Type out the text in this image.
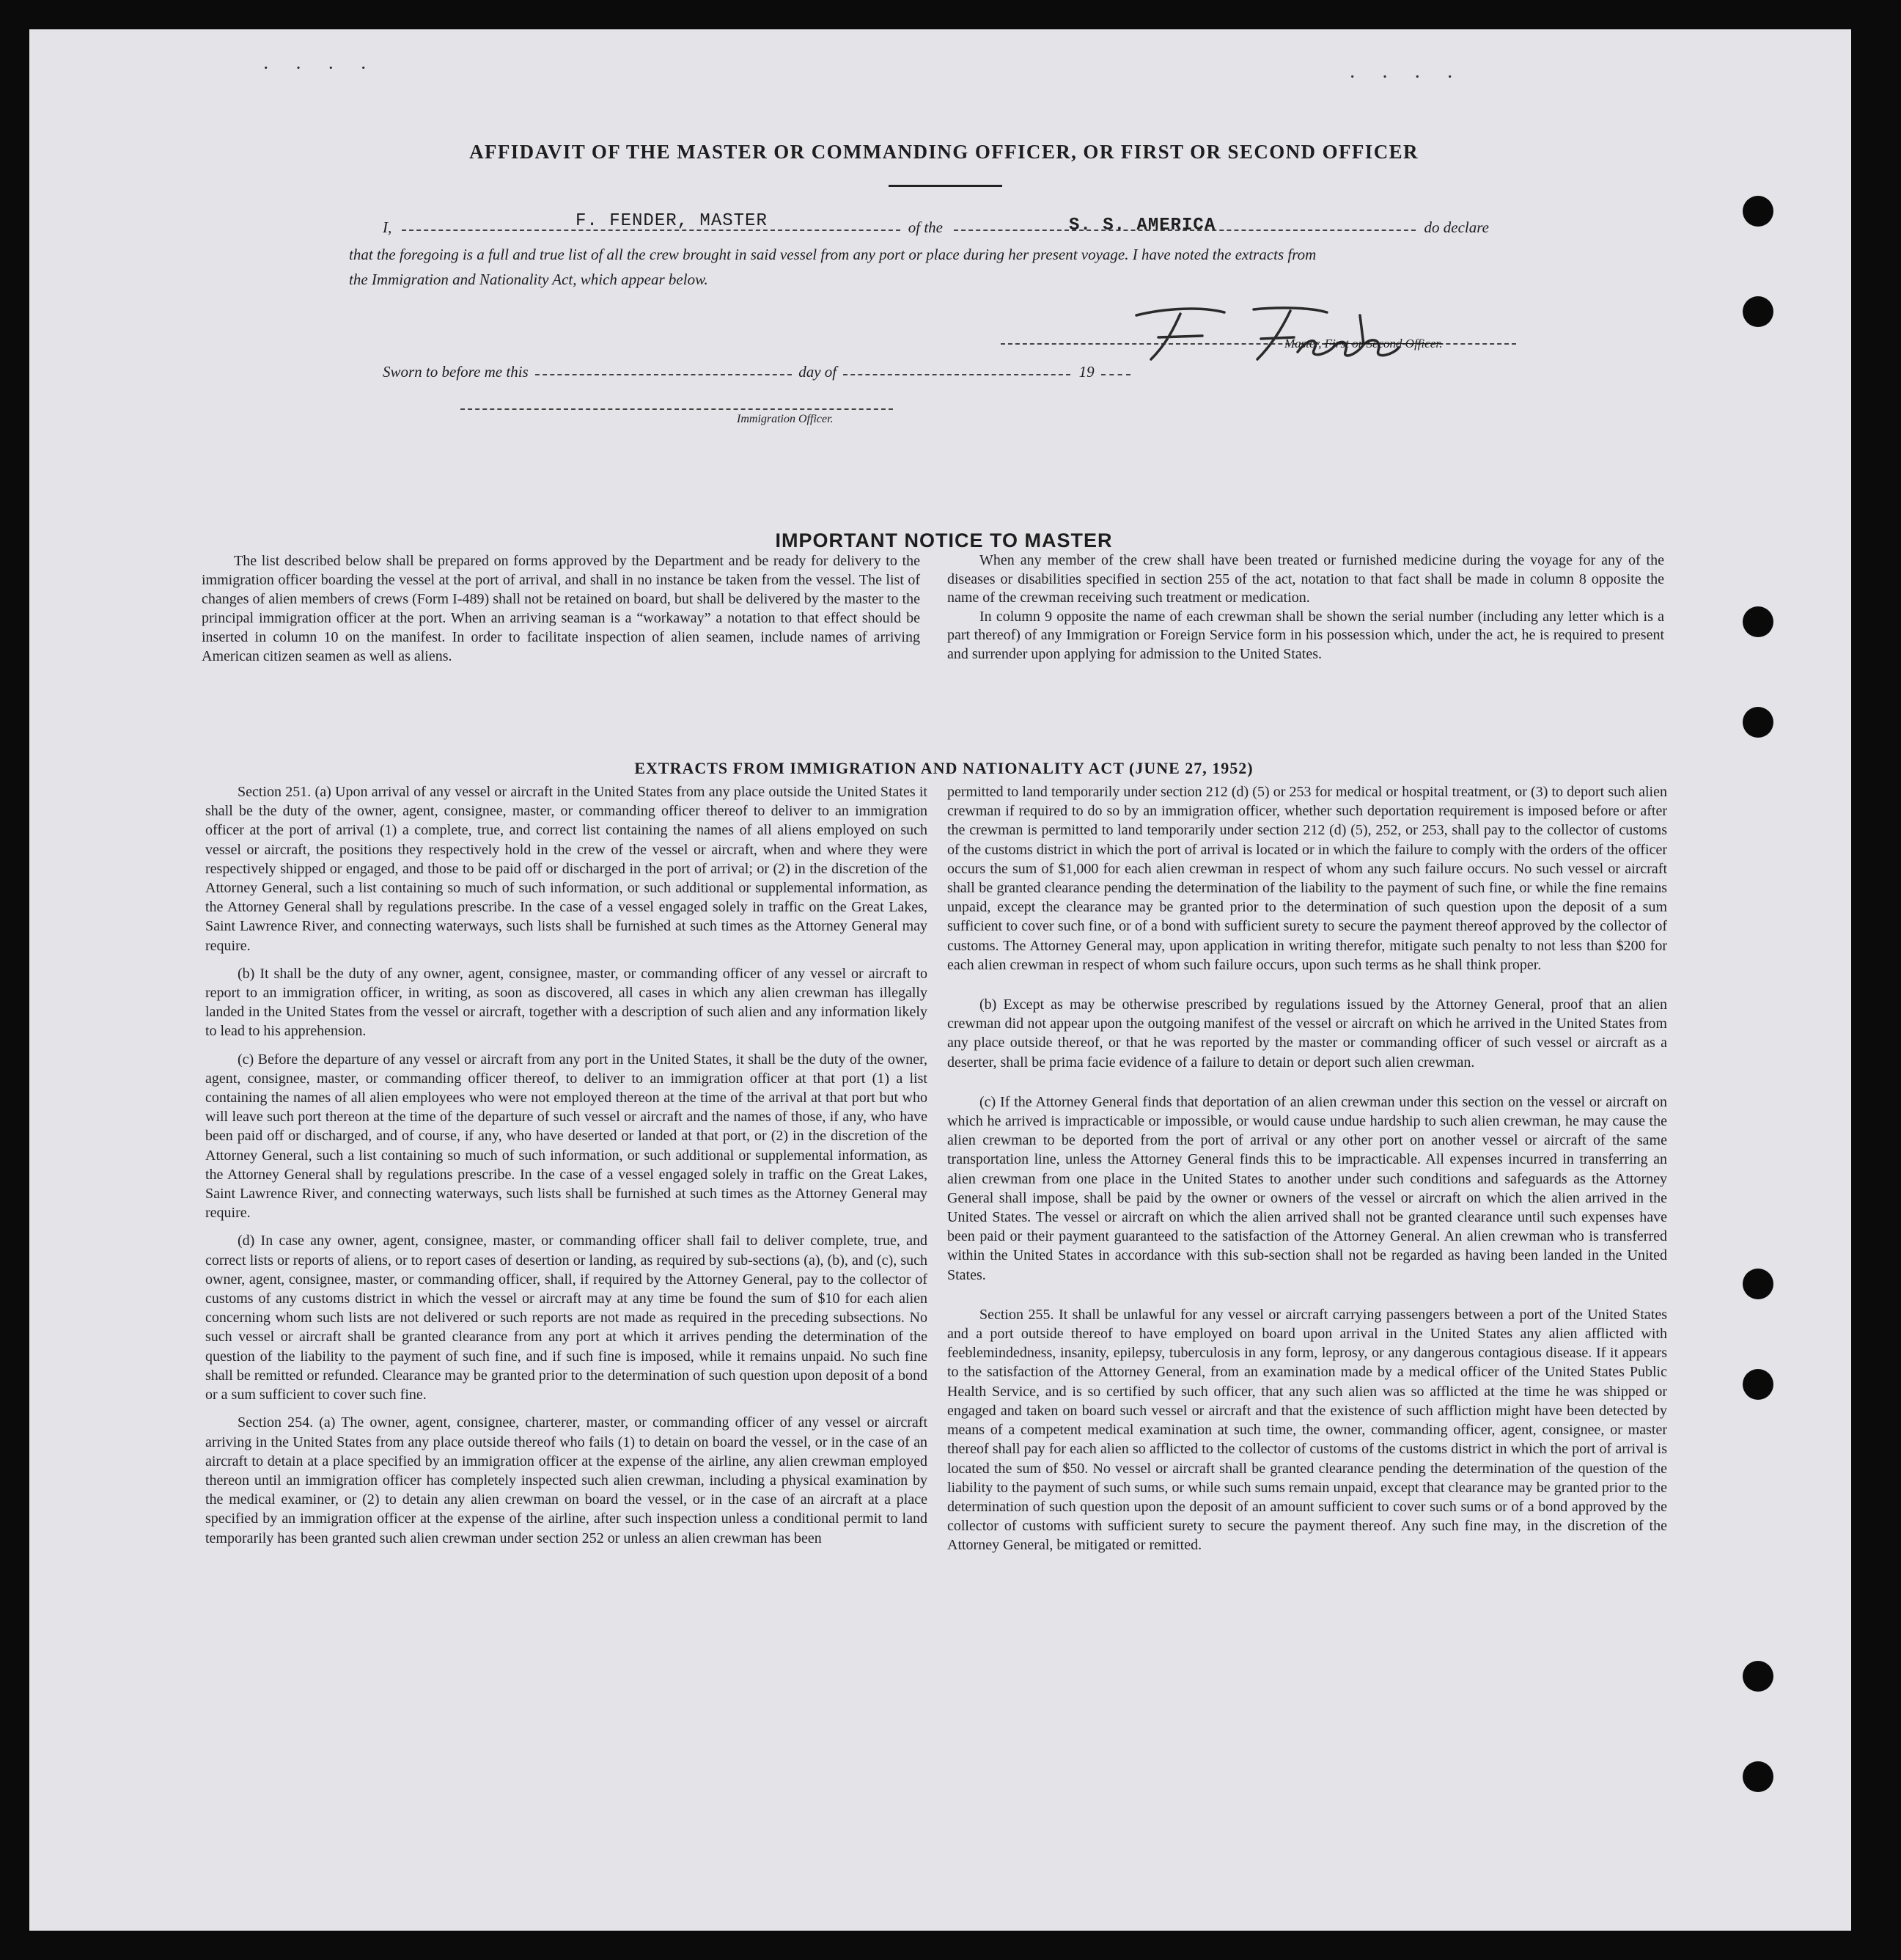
· · · ·	· · · ·
AFFIDAVIT OF THE MASTER OR COMMANDING OFFICER, OR FIRST OR SECOND OFFICER
I,	of the	do declare
F. FENDER, MASTER	S. S. AMERICA
that the foregoing is a full and true list of all the crew brought in said vessel from any port or place during her present voyage. I have noted the extracts from
the Immigration and Nationality Act, which appear below.
Master, First or Second Officer.
Sworn to before me this	day of	19
Immigration Officer.
IMPORTANT NOTICE TO MASTER

The list described below shall be prepared on forms approved by the Department and be ready for delivery to the immigration officer boarding the vessel at the port of arrival, and shall in no instance be taken from the vessel. The list of changes of alien members of crews (Form I-489) shall not be retained on board, but shall be delivered by the master to the principal immigration officer at the port. When an arriving seaman is a “workaway” a notation to that effect should be inserted in column 10 on the manifest. In order to facilitate inspection of alien seamen, include names of arriving American citizen seamen as well as aliens.

When any member of the crew shall have been treated or furnished medicine during the voyage for any of the diseases or disabilities specified in section 255 of the act, notation to that fact shall be made in column 8 opposite the name of the crewman receiving such treatment or medication.

In column 9 opposite the name of each crewman shall be shown the serial number (including any letter which is a part thereof) of any Immigration or Foreign Service form in his possession which, under the act, he is required to present and surrender upon applying for admission to the United States.

EXTRACTS FROM IMMIGRATION AND NATIONALITY ACT (JUNE 27, 1952)

Section 251. (a) Upon arrival of any vessel or aircraft in the United States from any place outside the United States it shall be the duty of the owner, agent, consignee, master, or commanding officer thereof to deliver to an immigration officer at the port of arrival (1) a complete, true, and correct list containing the names of all aliens employed on such vessel or aircraft, the positions they respectively hold in the crew of the vessel or aircraft, when and where they were respectively shipped or engaged, and those to be paid off or discharged in the port of arrival; or (2) in the discretion of the Attorney General, such a list containing so much of such information, or such additional or supplemental information, as the Attorney General shall by regulations prescribe. In the case of a vessel engaged solely in traffic on the Great Lakes, Saint Lawrence River, and connecting waterways, such lists shall be furnished at such times as the Attorney General may require.

(b) It shall be the duty of any owner, agent, consignee, master, or commanding officer of any vessel or aircraft to report to an immigration officer, in writing, as soon as discovered, all cases in which any alien crewman has illegally landed in the United States from the vessel or aircraft, together with a description of such alien and any information likely to lead to his apprehension.

(c) Before the departure of any vessel or aircraft from any port in the United States, it shall be the duty of the owner, agent, consignee, master, or commanding officer thereof, to deliver to an immigration officer at that port (1) a list containing the names of all alien employees who were not employed thereon at the time of the arrival at that port but who will leave such port thereon at the time of the departure of such vessel or aircraft and the names of those, if any, who have been paid off or discharged, and of course, if any, who have deserted or landed at that port, or (2) in the discretion of the Attorney General, such a list containing so much of such information, or such additional or supplemental information, as the Attorney General shall by regulations prescribe. In the case of a vessel engaged solely in traffic on the Great Lakes, Saint Lawrence River, and connecting waterways, such lists shall be furnished at such times as the Attorney General may require.

(d) In case any owner, agent, consignee, master, or commanding officer shall fail to deliver complete, true, and correct lists or reports of aliens, or to report cases of desertion or landing, as required by sub-sections (a), (b), and (c), such owner, agent, consignee, master, or commanding officer, shall, if required by the Attorney General, pay to the collector of customs of any customs district in which the vessel or aircraft may at any time be found the sum of $10 for each alien concerning whom such lists are not delivered or such reports are not made as required in the preceding subsections. No such vessel or aircraft shall be granted clearance from any port at which it arrives pending the determination of the question of the liability to the payment of such fine, and if such fine is imposed, while it remains unpaid. No such fine shall be remitted or refunded. Clearance may be granted prior to the determination of such question upon deposit of a bond or a sum sufficient to cover such fine.

Section 254. (a) The owner, agent, consignee, charterer, master, or commanding officer of any vessel or aircraft arriving in the United States from any place outside thereof who fails (1) to detain on board the vessel, or in the case of an aircraft to detain at a place specified by an immigration officer at the expense of the airline, any alien crewman employed thereon until an immigration officer has completely inspected such alien crewman, including a physical examination by the medical examiner, or (2) to detain any alien crewman on board the vessel, or in the case of an aircraft at a place specified by an immigration officer at the expense of the airline, after such inspection unless a conditional permit to land temporarily has been granted such alien crewman under section 252 or unless an alien crewman has been

permitted to land temporarily under section 212 (d) (5) or 253 for medical or hospital treatment, or (3) to deport such alien crewman if required to do so by an immigration officer, whether such deportation requirement is imposed before or after the crewman is permitted to land temporarily under section 212 (d) (5), 252, or 253, shall pay to the collector of customs of the customs district in which the port of arrival is located or in which the failure to comply with the orders of the officer occurs the sum of $1,000 for each alien crewman in respect of whom any such failure occurs. No such vessel or aircraft shall be granted clearance pending the determination of the liability to the payment of such fine, or while the fine remains unpaid, except the clearance may be granted prior to the determination of such question upon the deposit of a sum sufficient to cover such fine, or of a bond with sufficient surety to secure the payment thereof approved by the collector of customs. The Attorney General may, upon application in writing therefor, mitigate such penalty to not less than $200 for each alien crewman in respect of whom such failure occurs, upon such terms as he shall think proper.

(b) Except as may be otherwise prescribed by regulations issued by the Attorney General, proof that an alien crewman did not appear upon the outgoing manifest of the vessel or aircraft on which he arrived in the United States from any place outside thereof, or that he was reported by the master or commanding officer of such vessel or aircraft as a deserter, shall be prima facie evidence of a failure to detain or deport such alien crewman.

(c) If the Attorney General finds that deportation of an alien crewman under this section on the vessel or aircraft on which he arrived is impracticable or impossible, or would cause undue hardship to such alien crewman, he may cause the alien crewman to be deported from the port of arrival or any other port on another vessel or aircraft of the same transportation line, unless the Attorney General finds this to be impracticable. All expenses incurred in transferring an alien crewman from one place in the United States to another under such conditions and safeguards as the Attorney General shall impose, shall be paid by the owner or owners of the vessel or aircraft on which the alien arrived in the United States. The vessel or aircraft on which the alien arrived shall not be granted clearance until such expenses have been paid or their payment guaranteed to the satisfaction of the Attorney General. An alien crewman who is transferred within the United States in accordance with this sub-section shall not be regarded as having been landed in the United States.

Section 255. It shall be unlawful for any vessel or aircraft carrying passengers between a port of the United States and a port outside thereof to have employed on board upon arrival in the United States any alien afflicted with feeblemindedness, insanity, epilepsy, tuberculosis in any form, leprosy, or any dangerous contagious disease. If it appears to the satisfaction of the Attorney General, from an examination made by a medical officer of the United States Public Health Service, and is so certified by such officer, that any such alien was so afflicted at the time he was shipped or engaged and taken on board such vessel or aircraft and that the existence of such affliction might have been detected by means of a competent medical examination at such time, the owner, commanding officer, agent, consignee, or master thereof shall pay for each alien so afflicted to the collector of customs of the customs district in which the port of arrival is located the sum of $50. No vessel or aircraft shall be granted clearance pending the determination of the question of the liability to the payment of such sums, or while such sums remain unpaid, except that clearance may be granted prior to the determination of such question upon the deposit of an amount sufficient to cover such sums or of a bond approved by the collector of customs with sufficient surety to secure the payment thereof. Any such fine may, in the discretion of the Attorney General, be mitigated or remitted.
